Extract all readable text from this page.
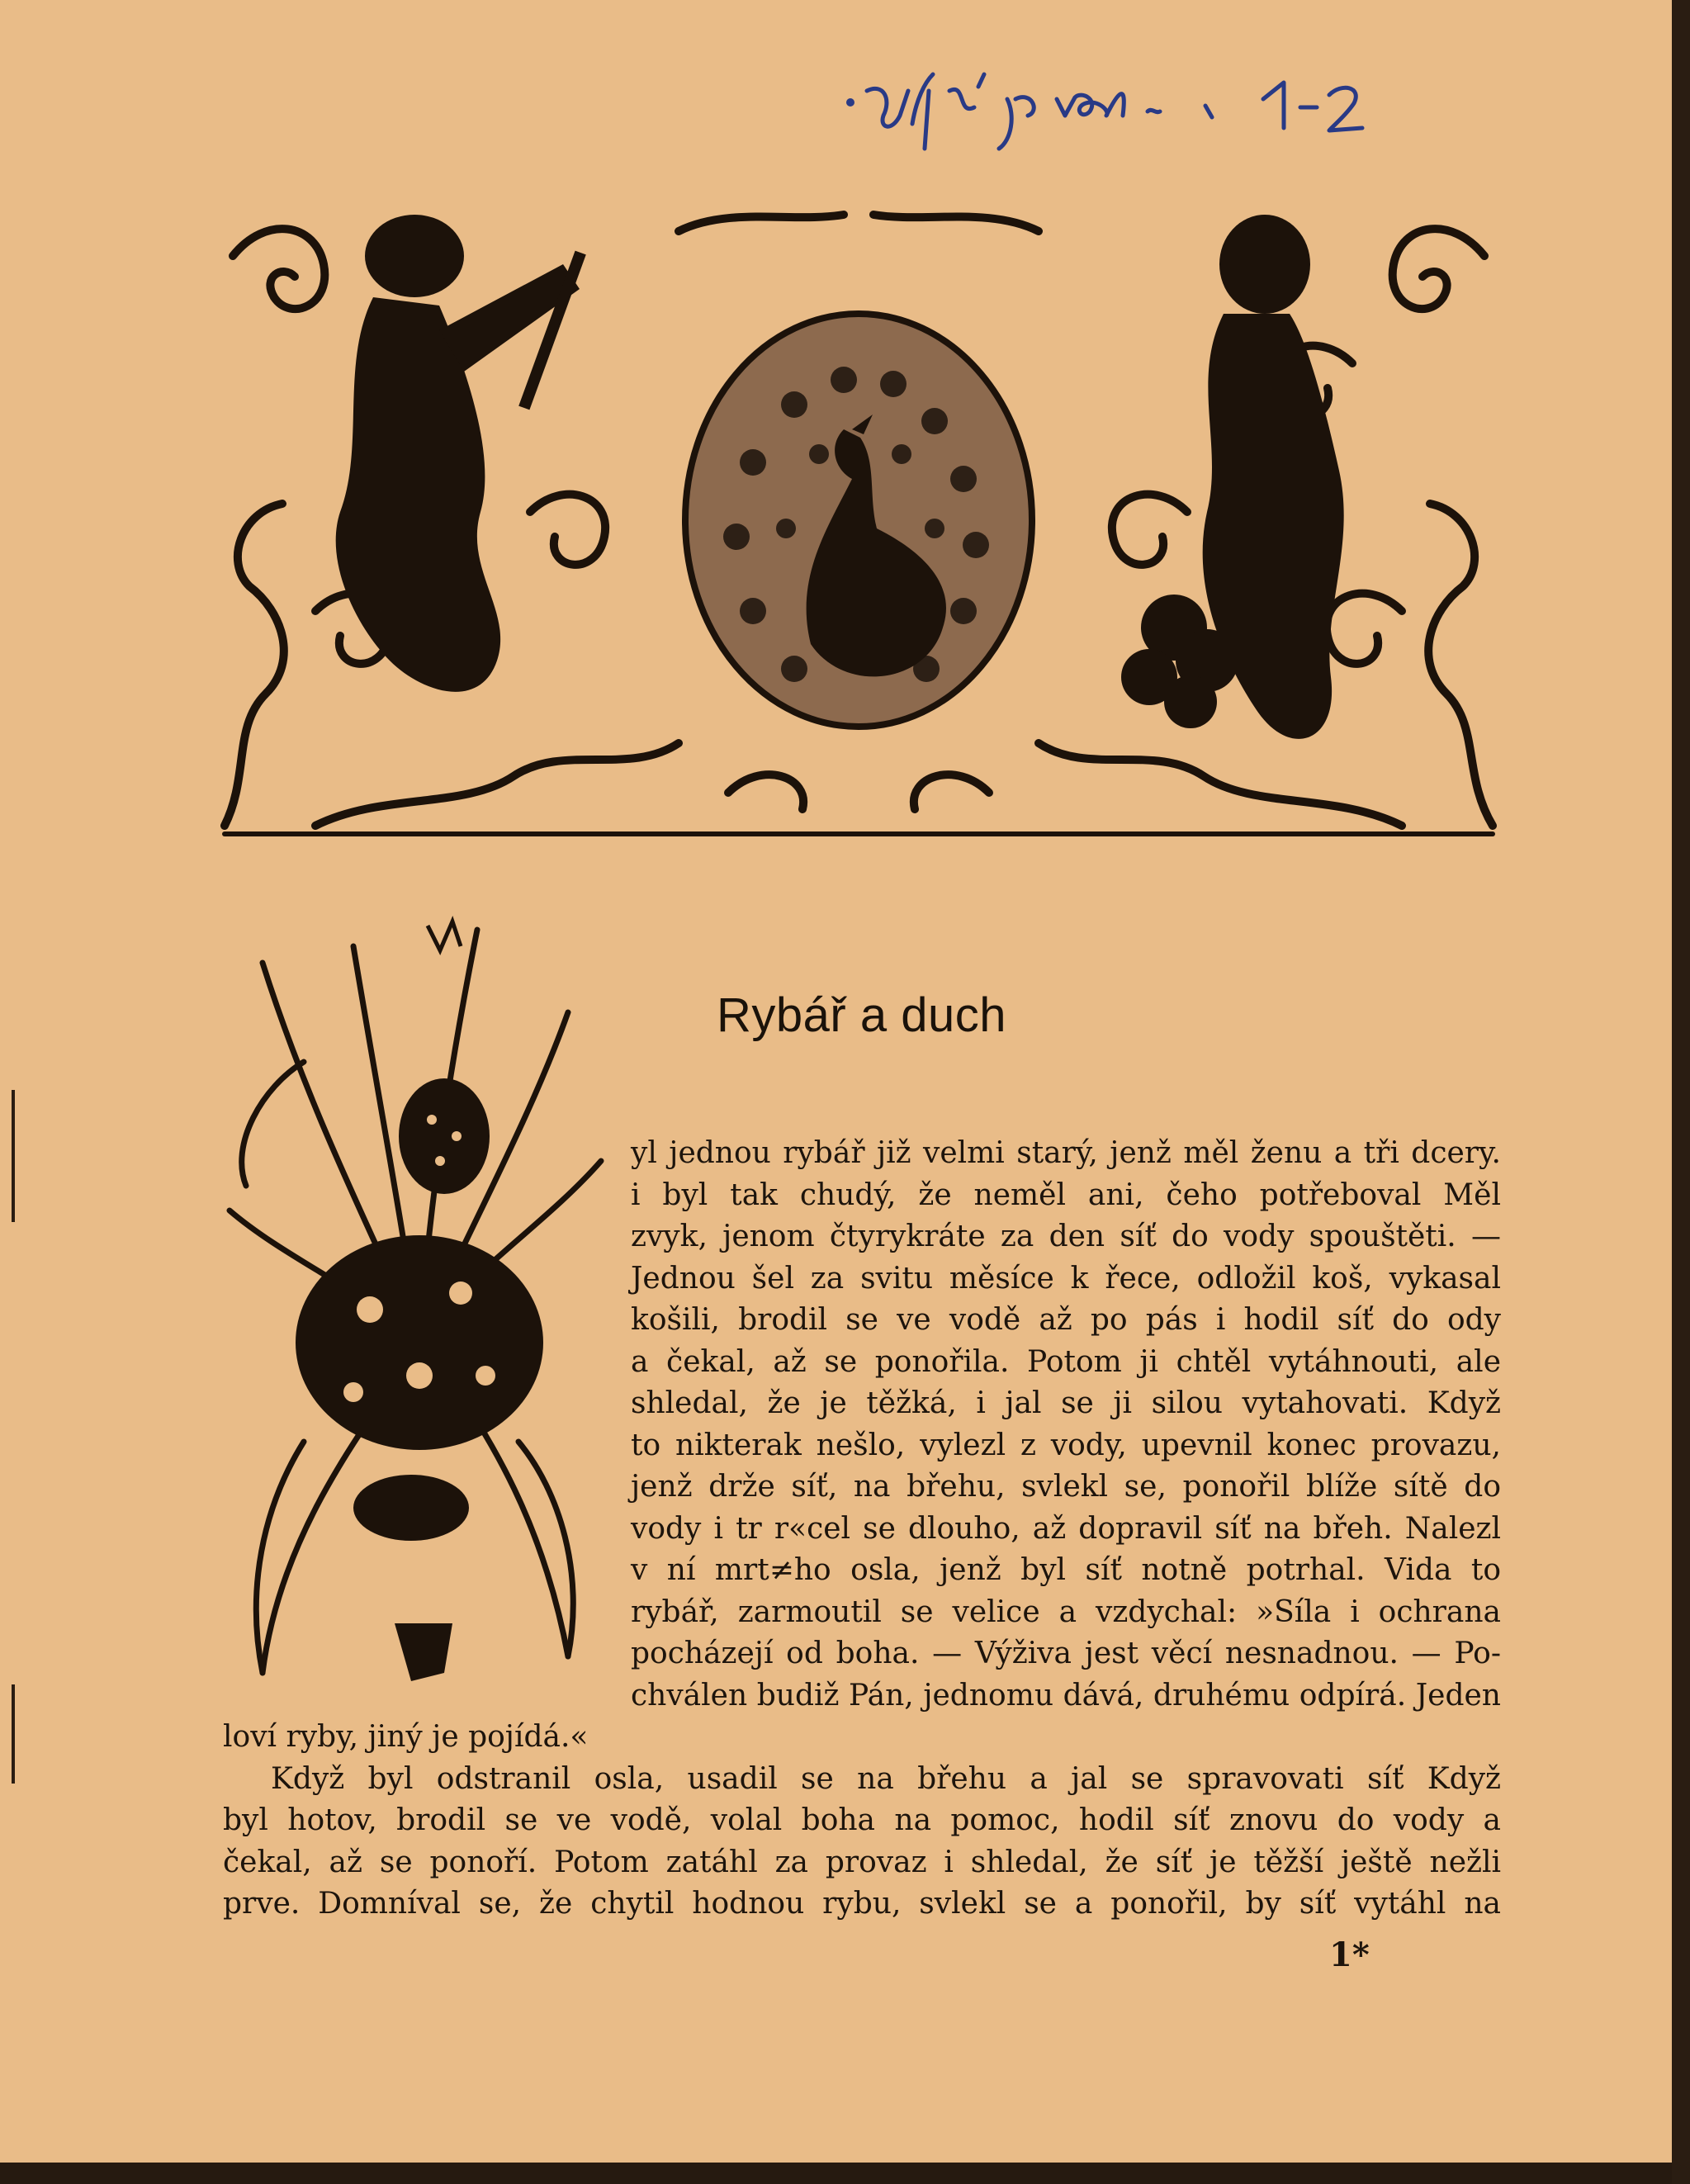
Rybář a duch
yl jednou rybář již velmi starý, jenž měl ženu a tři dcery.
i byl tak chudý, že neměl ani, čeho potřeboval Měl
zvyk, jenom čtyrykráte za den síť do vody spouštěti. —
Jednou šel za svitu měsíce k řece, odložil koš, vykasal
košili, brodil se ve vodě až po pás i hodil síť do ody
a čekal, až se ponořila. Potom ji chtěl vytáhnouti, ale
shledal, že je těžká, i jal se ji silou vytahovati. Když
to nikterak nešlo, vylezl z vody, upevnil konec provazu,
jenž drže síť, na břehu, svlekl se, ponořil blíže sítě do
vody i tr r«cel se dlouho, až dopravil síť na břeh. Nalezl
v ní mrt≠ho osla, jenž byl síť notně potrhal. Vida to
rybář, zarmoutil se velice a vzdychal: »Síla i ochrana
pocházejí od boha. — Výživa jest věcí nesnadnou. — Po-
chválen budiž Pán, jednomu dává, druhému odpírá. Jeden
loví ryby, jiný je pojídá.«
Když byl odstranil osla, usadil se na břehu a jal se spravovati síť Když
byl hotov, brodil se ve vodě, volal boha na pomoc, hodil síť znovu do vody a
čekal, až se ponoří. Potom zatáhl za provaz i shledal, že síť je těžší ještě nežli
prve. Domníval se, že chytil hodnou rybu, svlekl se a ponořil, by síť vytáhl na
1*
